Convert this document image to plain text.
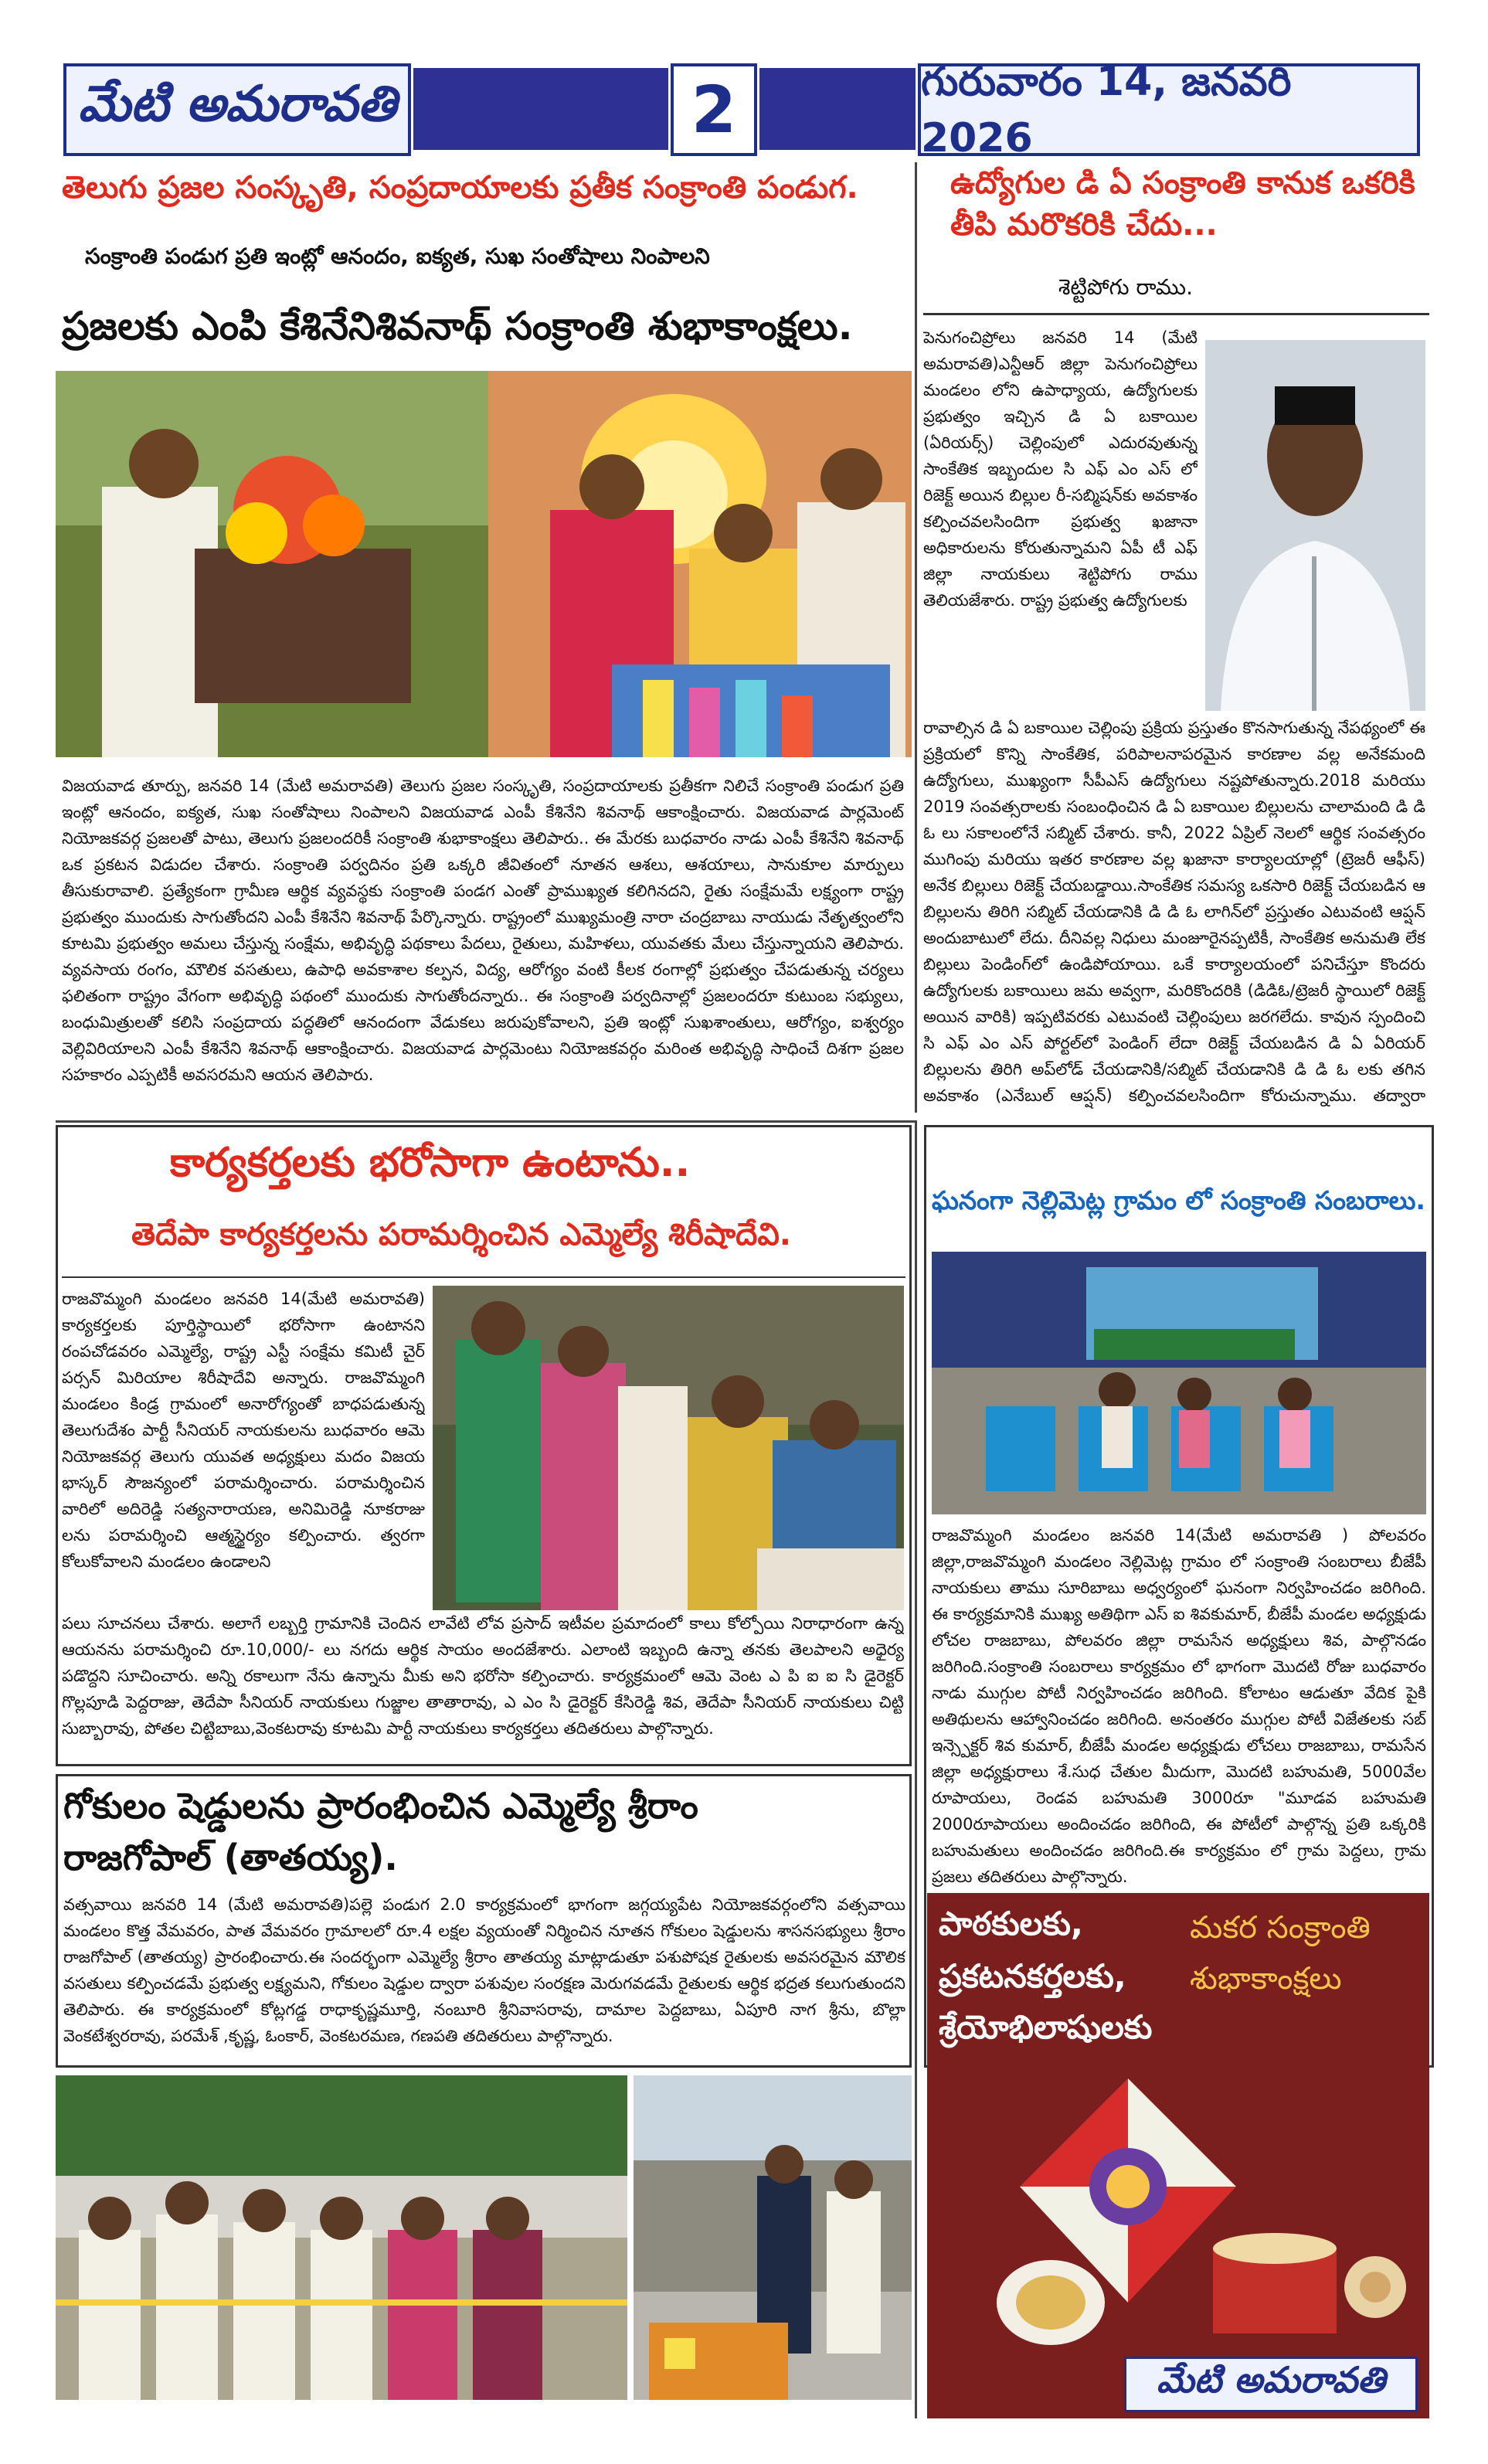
మేటి అమరావతి	2	గురువారం 14, జనవరి 2026
తెలుగు ప్రజల సంస్కృతి, సంప్రదాయాలకు ప్రతీక సంక్రాంతి పండుగ.
సంక్రాంతి పండుగ ప్రతి ఇంట్లో ఆనందం, ఐక్యత, సుఖ సంతోషాలు నింపాలని
ప్రజలకు ఎంపి కేశినేనిశివనాథ్ సంక్రాంతి శుభాకాంక్షలు.
విజయవాడ తూర్పు, జనవరి 14 (మేటి అమరావతి) తెలుగు ప్రజల సంస్కృతి, సంప్రదాయాలకు ప్రతీకగా నిలిచే సంక్రాంతి పండుగ ప్రతి ఇంట్లో ఆనందం, ఐక్యత, సుఖ సంతోషాలు నింపాలని విజయవాడ ఎంపీ కేశినేని శివనాథ్ ఆకాంక్షించారు. విజయవాడ పార్లమెంట్ నియోజకవర్గ ప్రజలతో పాటు, తెలుగు ప్రజలందరికీ సంక్రాంతి శుభాకాంక్షలు తెలిపారు.. ఈ మేరకు బుధవారం నాడు ఎంపీ కేశినేని శివనాథ్ ఒక ప్రకటన విడుదల చేశారు. సంక్రాంతి పర్వదినం ప్రతి ఒక్కరి జీవితంలో నూతన ఆశలు, ఆశయాలు, సానుకూల మార్పులు తీసుకురావాలి. ప్రత్యేకంగా గ్రామీణ ఆర్థిక వ్యవస్థకు సంక్రాంతి పండగ ఎంతో ప్రాముఖ్యత కలిగినదని, రైతు సంక్షేమమే లక్ష్యంగా రాష్ట్ర ప్రభుత్వం ముందుకు సాగుతోందని ఎంపీ కేశినేని శివనాథ్ పేర్కొన్నారు. రాష్ట్రంలో ముఖ్యమంత్రి నారా చంద్రబాబు నాయుడు నేతృత్వంలోని కూటమి ప్రభుత్వం అమలు చేస్తున్న సంక్షేమ, అభివృద్ధి పథకాలు పేదలు, రైతులు, మహిళలు, యువతకు మేలు చేస్తున్నాయని తెలిపారు. వ్యవసాయ రంగం, మౌలిక వసతులు, ఉపాధి అవకాశాల కల్పన, విద్య, ఆరోగ్యం వంటి కీలక రంగాల్లో ప్రభుత్వం చేపడుతున్న చర్యలు ఫలితంగా రాష్ట్రం వేగంగా అభివృద్ధి పథంలో ముందుకు సాగుతోందన్నారు.. ఈ సంక్రాంతి పర్వదినాల్లో ప్రజలందరూ కుటుంబ సభ్యులు, బంధుమిత్రులతో కలిసి సంప్రదాయ పద్ధతిలో ఆనందంగా వేడుకలు జరుపుకోవాలని, ప్రతి ఇంట్లో సుఖశాంతులు, ఆరోగ్యం, ఐశ్వర్యం వెల్లివిరియాలని ఎంపీ కేశినేని శివనాథ్ ఆకాంక్షించారు. విజయవాడ పార్లమెంటు నియోజకవర్గం మరింత అభివృద్ధి సాధించే దిశగా ప్రజల సహకారం ఎప్పటికీ అవసరమని ఆయన తెలిపారు.
ఉద్యోగుల డి ఏ సంక్రాంతి కానుక ఒకరికి తీపి మరొకరికి చేదు...
శెట్టిపోగు రాము.
పెనుగంచిప్రోలు జనవరి 14 (మేటి అమరావతి)ఎన్టీఆర్ జిల్లా పెనుగంచిప్రోలు మండలం లోని ఉపాధ్యాయ, ఉద్యోగులకు ప్రభుత్వం ఇచ్చిన డి ఏ బకాయిల (ఏరియర్స్) చెల్లింపులో ఎదురవుతున్న సాంకేతిక ఇబ్బందుల సి ఎఫ్ ఎం ఎస్ లో రిజెక్ట్ అయిన బిల్లుల రీ-సబ్మిషన్‌కు అవకాశం కల్పించవలసిందిగా ప్రభుత్వ ఖజానా అధికారులను కోరుతున్నామని ఏపీ టీ ఎఫ్ జిల్లా నాయకులు శెట్టిపోగు రాము తెలియజేశారు. రాష్ట్ర ప్రభుత్వ ఉద్యోగులకు
రావాల్సిన డి ఏ బకాయిల చెల్లింపు ప్రక్రియ ప్రస్తుతం కొనసాగుతున్న నేపథ్యంలో ఈ ప్రక్రియలో కొన్ని సాంకేతిక, పరిపాలనాపరమైన కారణాల వల్ల అనేకమంది ఉద్యోగులు, ముఖ్యంగా సీపీఎస్ ఉద్యోగులు నష్టపోతున్నారు.2018 మరియు 2019 సంవత్సరాలకు సంబంధించిన డి ఏ బకాయిల బిల్లులను చాలామంది డి డి ఓ లు సకాలంలోనే సబ్మిట్ చేశారు. కానీ, 2022 ఏప్రిల్ నెలలో ఆర్థిక సంవత్సరం ముగింపు మరియు ఇతర కారణాల వల్ల ఖజానా కార్యాలయాల్లో (ట్రెజరీ ఆఫీస్) అనేక బిల్లులు రిజెక్ట్ చేయబడ్డాయి.సాంకేతిక సమస్య ఒకసారి రిజెక్ట్ చేయబడిన ఆ బిల్లులను తిరిగి సబ్మిట్ చేయడానికి డి డి ఓ లాగిన్‌లో ప్రస్తుతం ఎటువంటి ఆప్షన్ అందుబాటులో లేదు. దీనివల్ల నిధులు మంజూరైనప్పటికీ, సాంకేతిక అనుమతి లేక బిల్లులు పెండింగ్‌లో ఉండిపోయాయి. ఒకే కార్యాలయంలో పనిచేస్తూ కొందరు ఉద్యోగులకు బకాయిలు జమ అవ్వగా, మరికొందరికి (డిడిఓ/ట్రెజరీ స్థాయిలో రిజెక్ట్ అయిన వారికి) ఇప్పటివరకు ఎటువంటి చెల్లింపులు జరగలేదు. కావున స్పందించి సి ఎఫ్ ఎం ఎస్ పోర్టల్‌లో పెండింగ్ లేదా రిజెక్ట్ చేయబడిన డి ఏ ఏరియర్ బిల్లులను తిరిగి అప్‌లోడ్ చేయడానికి/సబ్మిట్ చేయడానికి డి డి ఓ లకు తగిన అవకాశం (ఎనేబుల్ ఆప్షన్) కల్పించవలసిందిగా కోరుచున్నాము. తద్వారా
కార్యకర్తలకు భరోసాగా ఉంటాను..
తెదేపా కార్యకర్తలను పరామర్శించిన ఎమ్మెల్యే శిరీషాదేవి.
రాజవొమ్మంగి మండలం జనవరి 14(మేటి అమరావతి) కార్యకర్తలకు పూర్తిస్థాయిలో భరోసాగా ఉంటానని రంపచోడవరం ఎమ్మెల్యే, రాష్ట్ర ఎస్టీ సంక్షేమ కమిటీ చైర్ పర్సన్ మిరియాల శిరీషాదేవి అన్నారు. రాజవొమ్మంగి మండలం కిండ్ర గ్రామంలో అనారోగ్యంతో బాధపడుతున్న తెలుగుదేశం పార్టీ సీనియర్ నాయకులను బుధవారం ఆమె నియోజకవర్గ తెలుగు యువత అధ్యక్షులు మదం విజయ భాస్కర్ సౌజన్యంలో పరామర్శించారు. పరామర్శించిన వారిలో అదిరెడ్డి సత్యనారాయణ, అనిమిరెడ్డి నూకరాజు లను పరామర్శించి ఆత్మస్థైర్యం కల్పించారు. త్వరగా కోలుకోవాలని మండలం ఉండాలని
పలు సూచనలు చేశారు. అలాగే లబ్బర్తి గ్రామానికి చెందిన లావేటి లోవ ప్రసాద్ ఇటీవల ప్రమాదంలో కాలు కోల్పోయి నిరాధారంగా ఉన్న ఆయనను పరామర్శించి రూ.10,000/- లు నగదు ఆర్థిక సాయం అందజేశారు. ఎలాంటి ఇబ్బంది ఉన్నా తనకు తెలపాలని అధైర్య పడొద్దని సూచించారు. అన్ని రకాలుగా నేను ఉన్నాను మీకు అని భరోసా కల్పించారు. కార్యక్రమంలో ఆమె వెంట ఎ పి ఐ ఐ సి డైరెక్టర్ గొల్లపూడి పెద్దరాజు, తెదేపా సీనియర్ నాయకులు గుజ్జాల తాతారావు, ఎ ఎం సి డైరెక్టర్ కేసిరెడ్డి శివ, తెదేపా సీనియర్ నాయకులు చిట్టి సుబ్బారావు, పోతల చిట్టిబాబు,వెంకటరావు కూటమి పార్టీ నాయకులు కార్యకర్తలు తదితరులు పాల్గొన్నారు.
ఘనంగా నెల్లిమెట్ల గ్రామం లో సంక్రాంతి సంబరాలు.
రాజవొమ్మంగి మండలం జనవరి 14(మేటి అమరావతి ) పోలవరం జిల్లా,రాజవొమ్మంగి మండలం నెల్లిమెట్ల గ్రామం లో సంక్రాంతి సంబరాలు బీజేపీ నాయకులు తాము సూరిబాబు అధ్వర్యంలో ఘనంగా నిర్వహించడం జరిగింది. ఈ కార్యక్రమానికి ముఖ్య అతిథిగా ఎస్ ఐ శివకుమార్, బీజేపీ మండల అధ్యక్షుడు లోచల రాజబాబు, పోలవరం జిల్లా రామసేన అధ్యక్షులు శివ, పాల్గొనడం జరిగింది.సంక్రాంతి సంబరాలు కార్యక్రమం లో భాగంగా మొదటి రోజు బుధవారం నాడు ముగ్గుల పోటీ నిర్వహించడం జరిగింది. కోలాటం ఆడుతూ వేదిక పైకి అతిథులను ఆహ్వానించడం జరిగింది. అనంతరం ముగ్గుల పోటీ విజేతలకు సబ్ ఇన్స్పెక్టర్ శివ కుమార్, బీజేపీ మండల అధ్యక్షుడు లోచలు రాజబాబు, రామసేన జిల్లా అధ్యక్షురాలు శే.సుధ చేతుల మీదుగా, మొదటి బహుమతి, 5000వేల రూపాయలు, రెండవ బహుమతి 3000రూ "మూడవ బహుమతి 2000రూపాయలు అందించడం జరిగింది, ఈ పోటీలో పాల్గొన్న ప్రతి ఒక్కరికి బహుమతులు అందించడం జరిగింది.ఈ కార్యక్రమం లో గ్రామ పెద్దలు, గ్రామ ప్రజలు తదితరులు పాల్గొన్నారు.
గోకులం షెడ్డులను ప్రారంభించిన ఎమ్మెల్యే శ్రీరాం
రాజగోపాల్ (తాతయ్య).
వత్సవాయి జనవరి 14 (మేటి అమరావతి)పల్లె పండుగ 2.0 కార్యక్రమంలో భాగంగా జగ్గయ్యపేట నియోజకవర్గంలోని వత్సవాయి మండలం కొత్త వేమవరం, పాత వేమవరం గ్రామాలలో రూ.4 లక్షల వ్యయంతో నిర్మించిన నూతన గోకులం షెడ్డులను శాసనసభ్యులు శ్రీరాం రాజగోపాల్ (తాతయ్య) ప్రారంభించారు.ఈ సందర్భంగా ఎమ్మెల్యే శ్రీరాం తాతయ్య మాట్లాడుతూ పశుపోషక రైతులకు అవసరమైన మౌలిక వసతులు కల్పించడమే ప్రభుత్వ లక్ష్యమని, గోకులం షెడ్డుల ద్వారా పశువుల సంరక్షణ మెరుగవడమే రైతులకు ఆర్థిక భద్రత కలుగుతుందని తెలిపారు. ఈ కార్యక్రమంలో కోట్లగడ్డ రాధాకృష్ణమూర్తి, నంబూరి శ్రీనివాసరావు, దామాల పెద్దబాబు, ఏపూరి నాగ శ్రీను, బొల్లా వెంకటేశ్వరరావు, పరమేశ్ ,కృష్ణ, ఓంకార్, వెంకటరమణ, గణపతి తదితరులు పాల్గొన్నారు.
పాఠకులకు,	మకర సంక్రాంతి
ప్రకటనకర్తలకు,	శుభాకాంక్షలు
శ్రేయోభిలాషులకు
మేటి అమరావతి
